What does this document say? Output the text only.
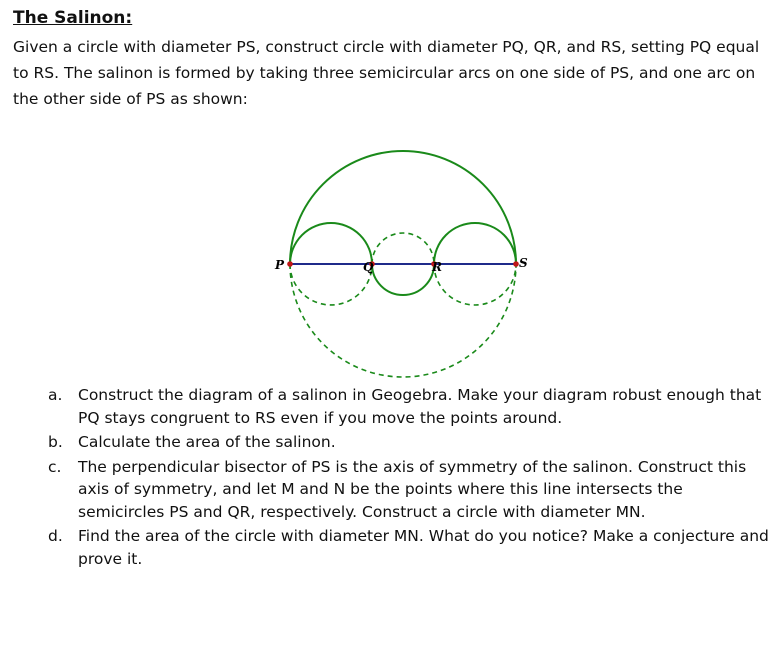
The Salinon:
Given a circle with diameter PS, construct circle with diameter PQ, QR, and RS, setting PQ equal to RS. The salinon is formed by taking three semicircular arcs on one side of PS, and one arc on the other side of PS as shown:
P	Q	R	S
a. Construct the diagram of a salinon in Geogebra. Make your diagram robust enough that PQ stays congruent to RS even if you move the points around.
b. Calculate the area of the salinon.
c. The perpendicular bisector of PS is the axis of symmetry of the salinon. Construct this axis of symmetry, and let M and N be the points where this line intersects the semicircles PS and QR, respectively. Construct a circle with diameter MN.
d. Find the area of the circle with diameter MN. What do you notice? Make a conjecture and prove it.
